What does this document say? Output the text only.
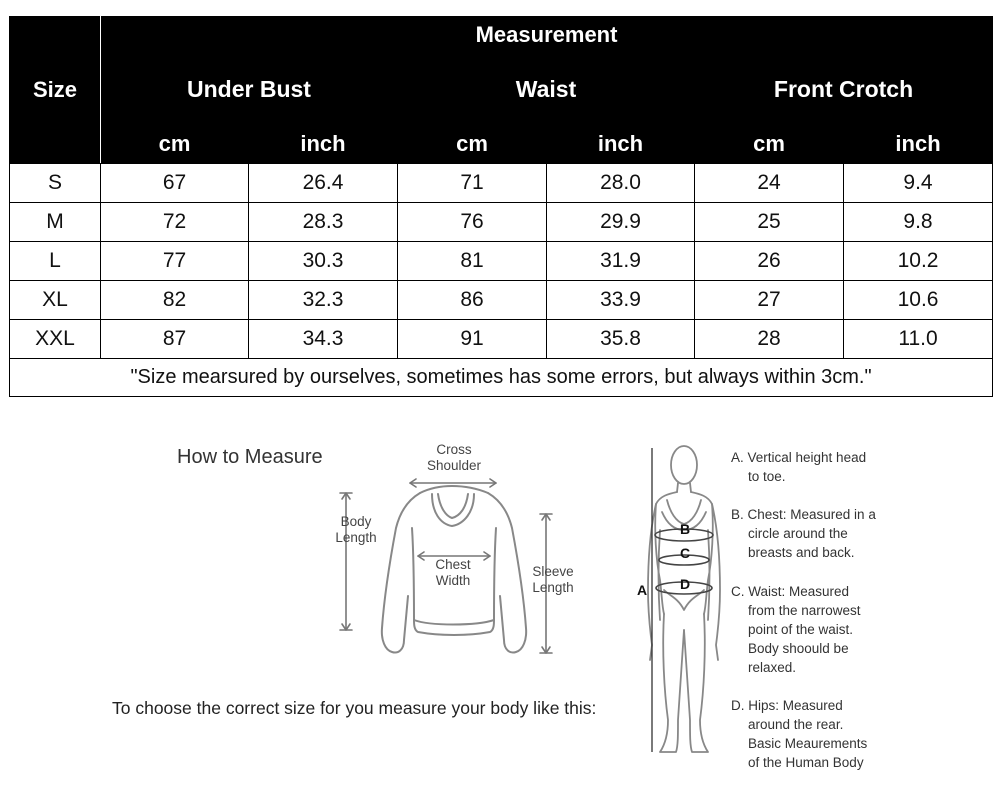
Size	Measurement					
	Under Bust		Waist		Front Crotch	
	cm	inch	cm	inch	cm	inch
S	67	26.4	71	28.0	24	9.4
M	72	28.3	76	29.9	25	9.8
L	77	30.3	81	31.9	26	10.2
XL	82	32.3	86	33.9	27	10.6
XXL	87	34.3	91	35.8	28	11.0
"Size mearsured by ourselves, sometimes has some errors, but always within 3cm."						
How to Measure	Cross
Shoulder
Body
Length
Chest
Width
Sleeve
Length
To choose the correct size for you measure your body like this:
A
B
C
D
A. Vertical height head
to toe.
B. Chest: Measured in a
circle around the
breasts and back.
C. Waist: Measured
from the narrowest
point of the waist.
Body shoould be
relaxed.
D. Hips: Measured
around the rear.
Basic Meaurements
of the Human Body
